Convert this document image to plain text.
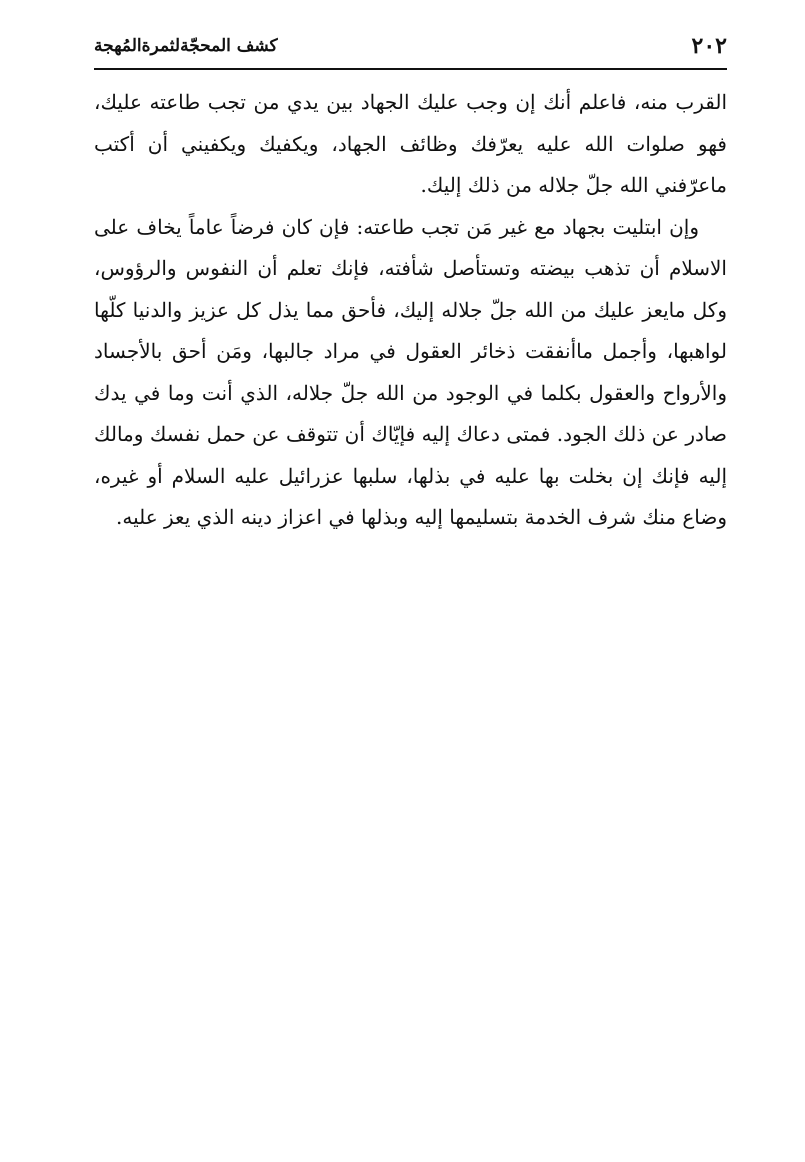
٢٠٢
كشف المحجّةلثمرةالمُهجة

القرب منه، فاعلم أنك إن وجب عليك الجهاد بين يدي من تجب طاعته عليك، فهو صلوات الله عليه يعرّفك وظائف الجهاد، ويكفيك ويكفيني أن أكتب ماعرّفني الله جلّ جلاله من ذلك إليك.

وإن ابتليت بجهاد مع غير مَن تجب طاعته: فإن كان فرضاً عاماً يخاف على الاسلام أن تذهب بيضته وتستأصل شأفته، فإنك تعلم أن النفوس والرؤوس، وكل مايعز عليك من الله جلّ جلاله إليك، فأحق مما يذل كل عزيز والدنيا كلّها لواهبها، وأجمل ماأنفقت ذخائر العقول في مراد جالبها، ومَن أحق بالأجساد والأرواح والعقول بكلما في الوجود من الله جلّ جلاله، الذي أنت وما في يدك صادر عن ذلك الجود. فمتى دعاك إليه فإيّاك أن تتوقف عن حمل نفسك ومالك إليه فإنك إن بخلت بها عليه في بذلها، سلبها عزرائيل عليه السلام أو غيره، وضاع منك شرف الخدمة بتسليمها إليه وبذلها في اعزاز دينه الذي يعز عليه.
